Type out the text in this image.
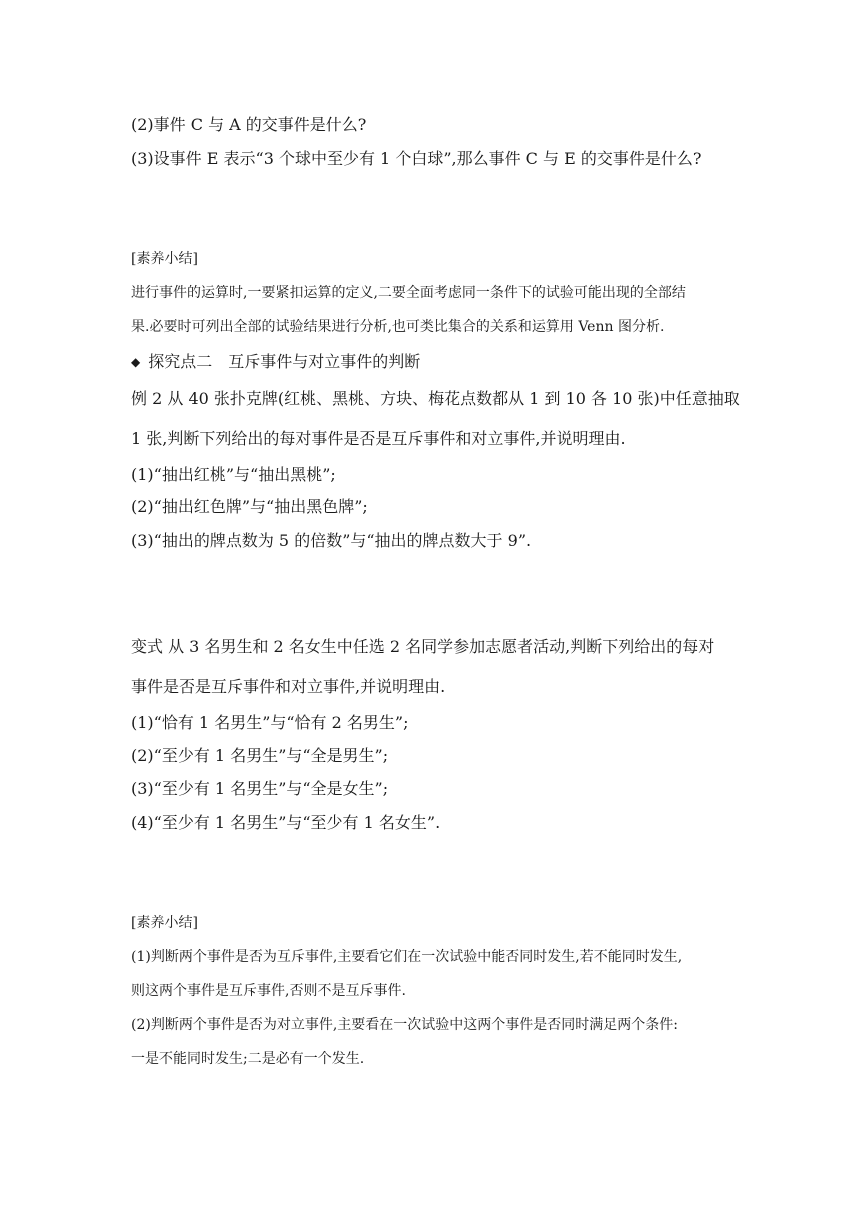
(2)事件 C 与 A 的交事件是什么?
(3)设事件 E 表示“3 个球中至少有 1 个白球”,那么事件 C 与 E 的交事件是什么?
[素养小结]
进行事件的运算时,一要紧扣运算的定义,二要全面考虑同一条件下的试验可能出现的全部结
果.必要时可列出全部的试验结果进行分析,也可类比集合的关系和运算用 Venn 图分析.
◆ 探究点二　互斥事件与对立事件的判断
例 2 从 40 张扑克牌(红桃、黑桃、方块、梅花点数都从 1 到 10 各 10 张)中任意抽取
1 张,判断下列给出的每对事件是否是互斥事件和对立事件,并说明理由.
(1)“抽出红桃”与“抽出黑桃”;
(2)“抽出红色牌”与“抽出黑色牌”;
(3)“抽出的牌点数为 5 的倍数”与“抽出的牌点数大于 9”.
变式 从 3 名男生和 2 名女生中任选 2 名同学参加志愿者活动,判断下列给出的每对
事件是否是互斥事件和对立事件,并说明理由.
(1)“恰有 1 名男生”与“恰有 2 名男生”;
(2)“至少有 1 名男生”与“全是男生”;
(3)“至少有 1 名男生”与“全是女生”;
(4)“至少有 1 名男生”与“至少有 1 名女生”.
[素养小结]
(1)判断两个事件是否为互斥事件,主要看它们在一次试验中能否同时发生,若不能同时发生,
则这两个事件是互斥事件,否则不是互斥事件.
(2)判断两个事件是否为对立事件,主要看在一次试验中这两个事件是否同时满足两个条件:
一是不能同时发生;二是必有一个发生.
